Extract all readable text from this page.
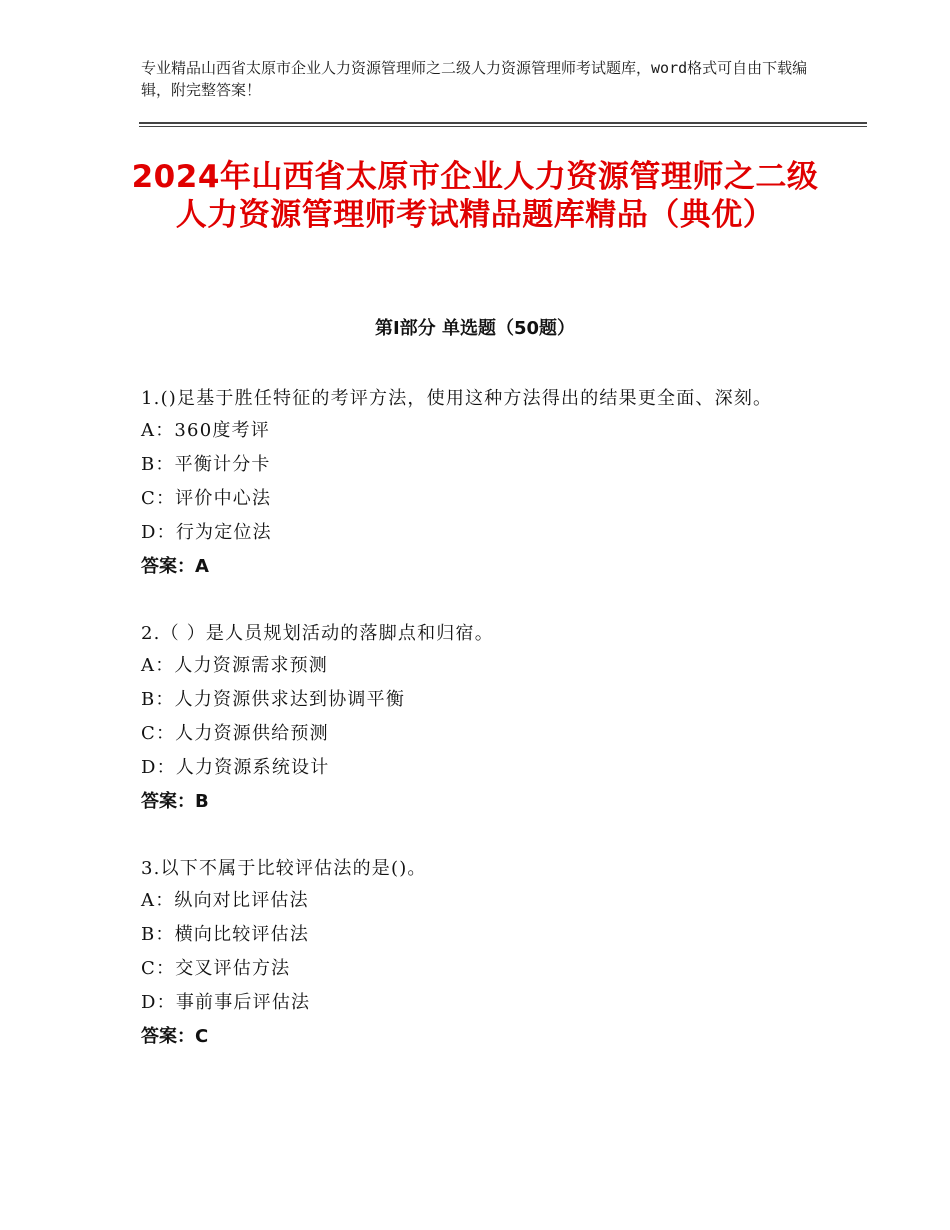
专业精品山西省太原市企业人力资源管理师之二级人力资源管理师考试题库，word格式可自由下载编辑，附完整答案！
2024年山西省太原市企业人力资源管理师之二级人力资源管理师考试精品题库精品（典优）
第Ⅰ部分 单选题（50题）
1.()足基于胜任特征的考评方法，使用这种方法得出的结果更全面、深刻。
A：360度考评
B：平衡计分卡
C：评价中心法
D：行为定位法
答案：A
2.（ ）是人员规划活动的落脚点和归宿。
A：人力资源需求预测
B：人力资源供求达到协调平衡
C：人力资源供给预测
D：人力资源系统设计
答案：B
3.以下不属于比较评估法的是()。
A：纵向对比评估法
B：横向比较评估法
C：交叉评估方法
D：事前事后评估法
答案：C
